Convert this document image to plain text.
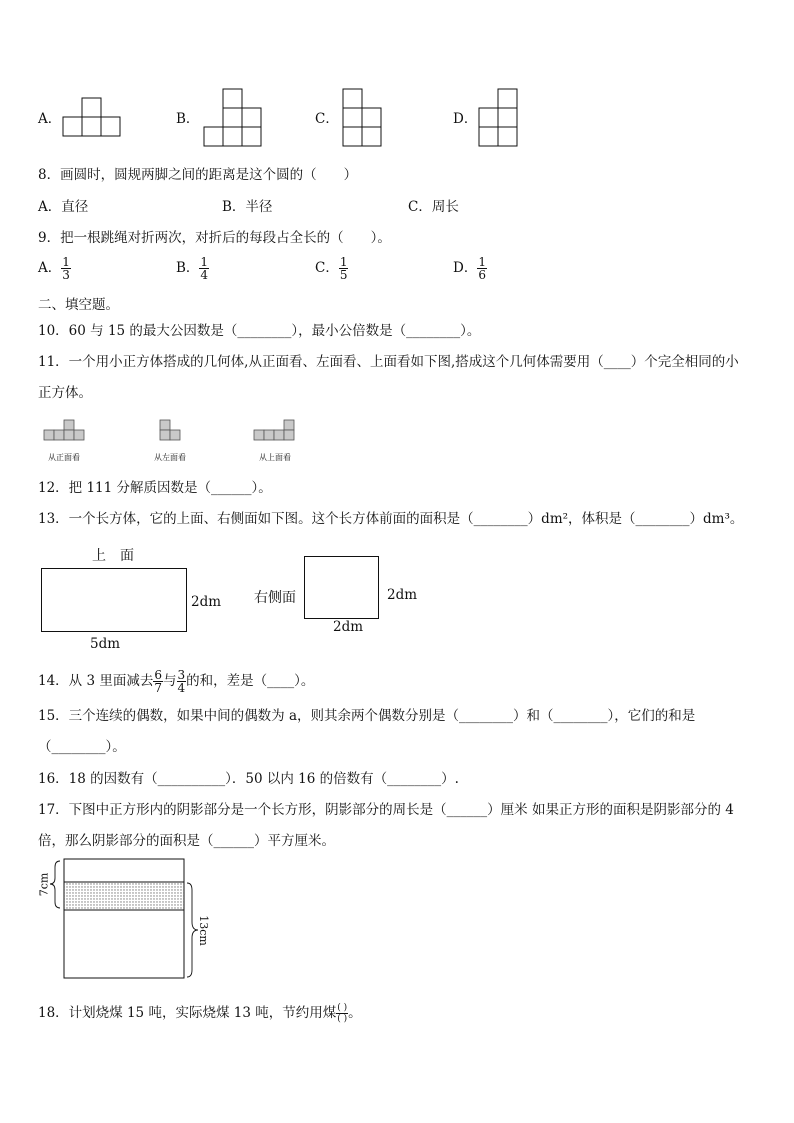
A．	B．	C．	D．
8．画圆时，圆规两脚之间的距离是这个圆的（　　）
A．直径	B．半径	C．周长
9．把一根跳绳对折两次，对折后的每段占全长的（　　）。
A． $\frac{1}{3}$	B． $\frac{1}{4}$	C． $\frac{1}{5}$	D． $\frac{1}{6}$
二、填空题。
10．60 与 15 的最大公因数是（________），最小公倍数是（________）。
11．一个用小正方体搭成的几何体,从正面看、左面看、上面看如下图,搭成这个几何体需要用（____）个完全相同的小
正方体。
从正面看	从左面看	从上面看
12．把 111 分解质因数是（______）。
13．一个长方体，它的上面、右侧面如下图。这个长方体前面的面积是（________）dm²，体积是（________）dm³。
上　面
2dm
5dm
右侧面	2dm
2dm
14．从 3 里面减去 $\frac{6}{7}$ 与 $\frac{3}{4}$ 的和，差是（____）。
15．三个连续的偶数，如果中间的偶数为 a，则其余两个偶数分别是（________）和（________），它们的和是
（________）。
16．18 的因数有（__________）．50 以内 16 的倍数有（________）.
17．下图中正方形内的阴影部分是一个长方形，阴影部分的周长是（______）厘米 如果正方形的面积是阴影部分的 4
倍，那么阴影部分的面积是（______）平方厘米。
7cm
13cm
18．计划烧煤 15 吨，实际烧煤 13 吨，节约用煤 $\frac{( )}{( )}$ 。
